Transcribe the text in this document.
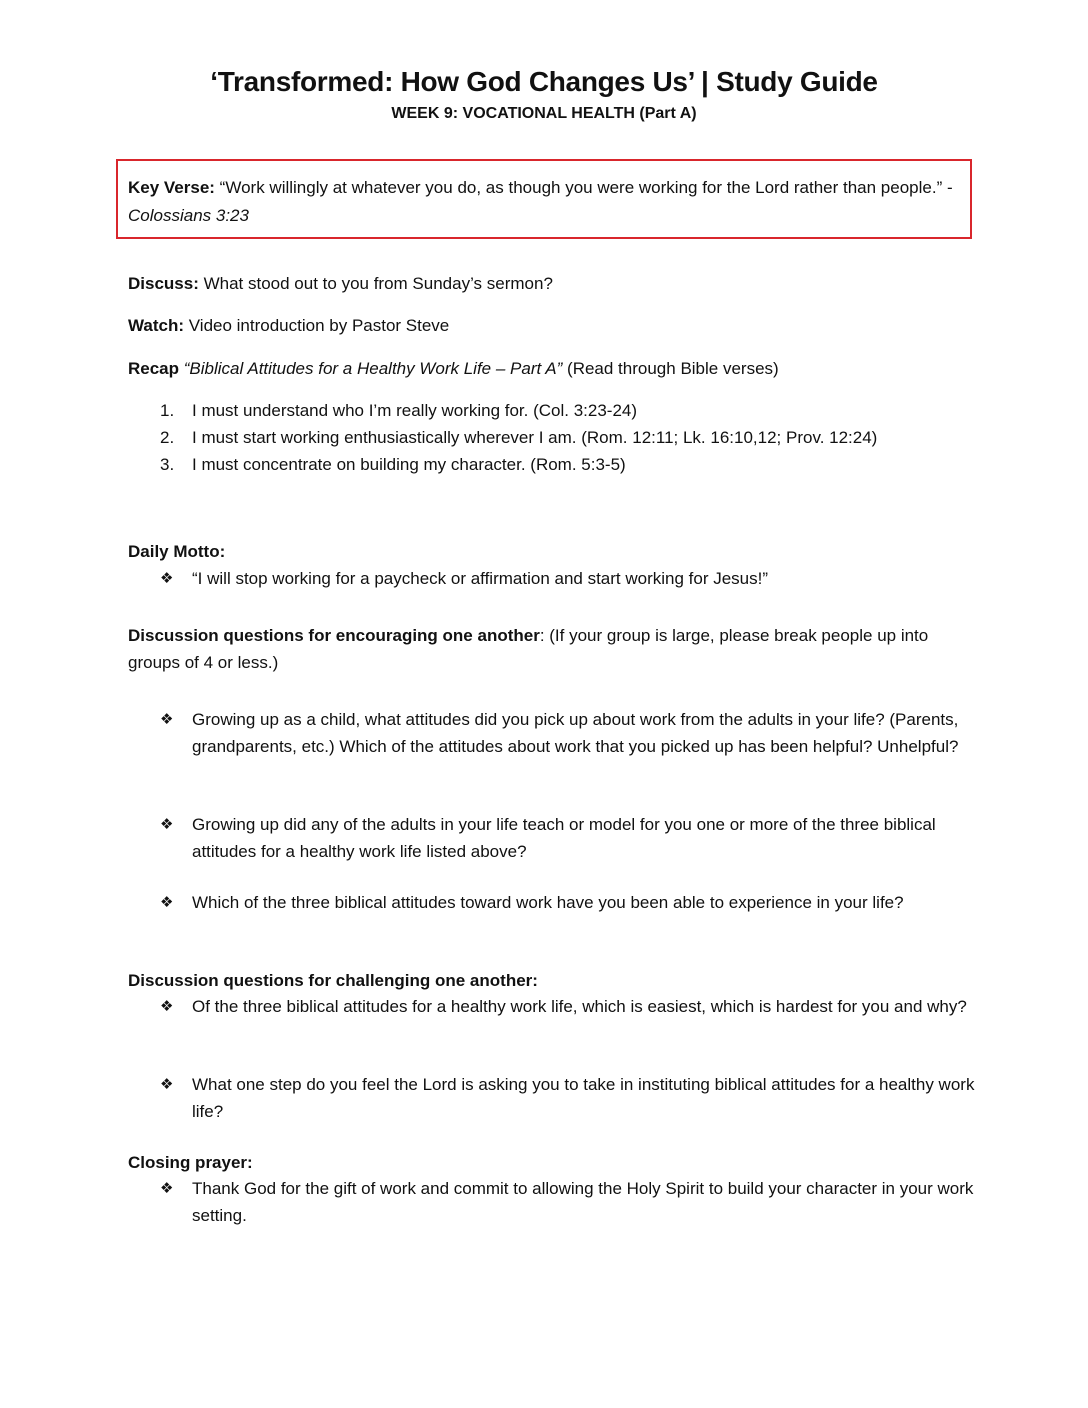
‘Transformed: How God Changes Us’ | Study Guide
WEEK 9: VOCATIONAL HEALTH (Part A)
Key Verse: “Work willingly at whatever you do, as though you were working for the Lord rather than people.” - Colossians 3:23
Discuss: What stood out to you from Sunday’s sermon?
Watch: Video introduction by Pastor Steve
Recap “Biblical Attitudes for a Healthy Work Life – Part A” (Read through Bible verses)
1. I must understand who I’m really working for. (Col. 3:23-24)
2. I must start working enthusiastically wherever I am. (Rom. 12:11; Lk. 16:10,12; Prov. 12:24)
3. I must concentrate on building my character. (Rom. 5:3-5)
Daily Motto:
❖ “I will stop working for a paycheck or affirmation and start working for Jesus!”
Discussion questions for encouraging one another: (If your group is large, please break people up into groups of 4 or less.)
❖ Growing up as a child, what attitudes did you pick up about work from the adults in your life? (Parents, grandparents, etc.) Which of the attitudes about work that you picked up has been helpful? Unhelpful?
❖ Growing up did any of the adults in your life teach or model for you one or more of the three biblical attitudes for a healthy work life listed above?
❖ Which of the three biblical attitudes toward work have you been able to experience in your life?
Discussion questions for challenging one another:
❖ Of the three biblical attitudes for a healthy work life, which is easiest, which is hardest for you and why?
❖ What one step do you feel the Lord is asking you to take in instituting biblical attitudes for a healthy work life?
Closing prayer:
❖ Thank God for the gift of work and commit to allowing the Holy Spirit to build your character in your work setting.
